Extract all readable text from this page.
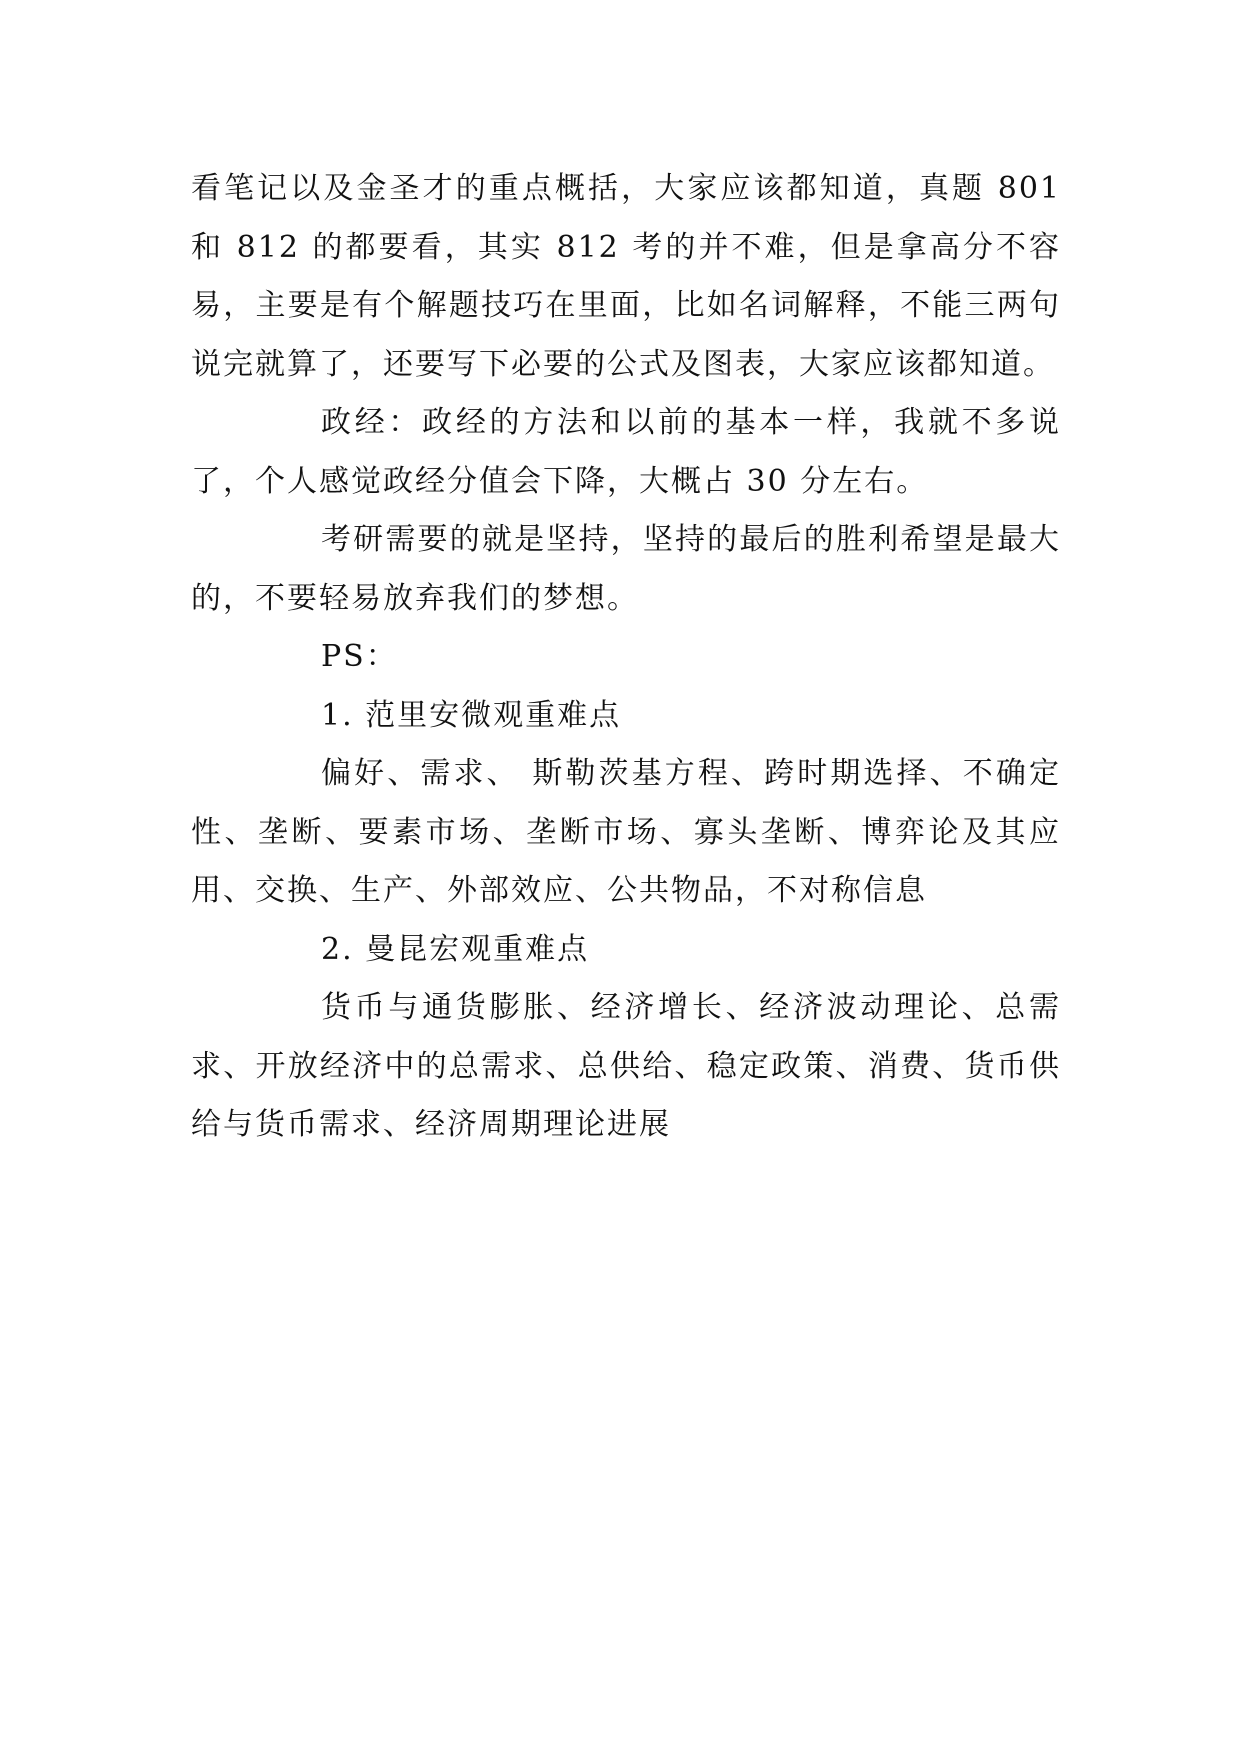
看笔记以及金圣才的重点概括，大家应该都知道，真题 801 和 812 的都要看，其实 812 考的并不难，但是拿高分不容易，主要是有个解题技巧在里面，比如名词解释，不能三两句说完就算了，还要写下必要的公式及图表，大家应该都知道。

政经：政经的方法和以前的基本一样，我就不多说了，个人感觉政经分值会下降，大概占 30 分左右。

考研需要的就是坚持，坚持的最后的胜利希望是最大的，不要轻易放弃我们的梦想。

PS：

1. 范里安微观重难点

偏好、需求、 斯勒茨基方程、跨时期选择、不确定性、垄断、要素市场、垄断市场、寡头垄断、博弈论及其应用、交换、生产、外部效应、公共物品，不对称信息

2. 曼昆宏观重难点

货币与通货膨胀、经济增长、经济波动理论、总需求、开放经济中的总需求、总供给、稳定政策、消费、货币供给与货币需求、经济周期理论进展
